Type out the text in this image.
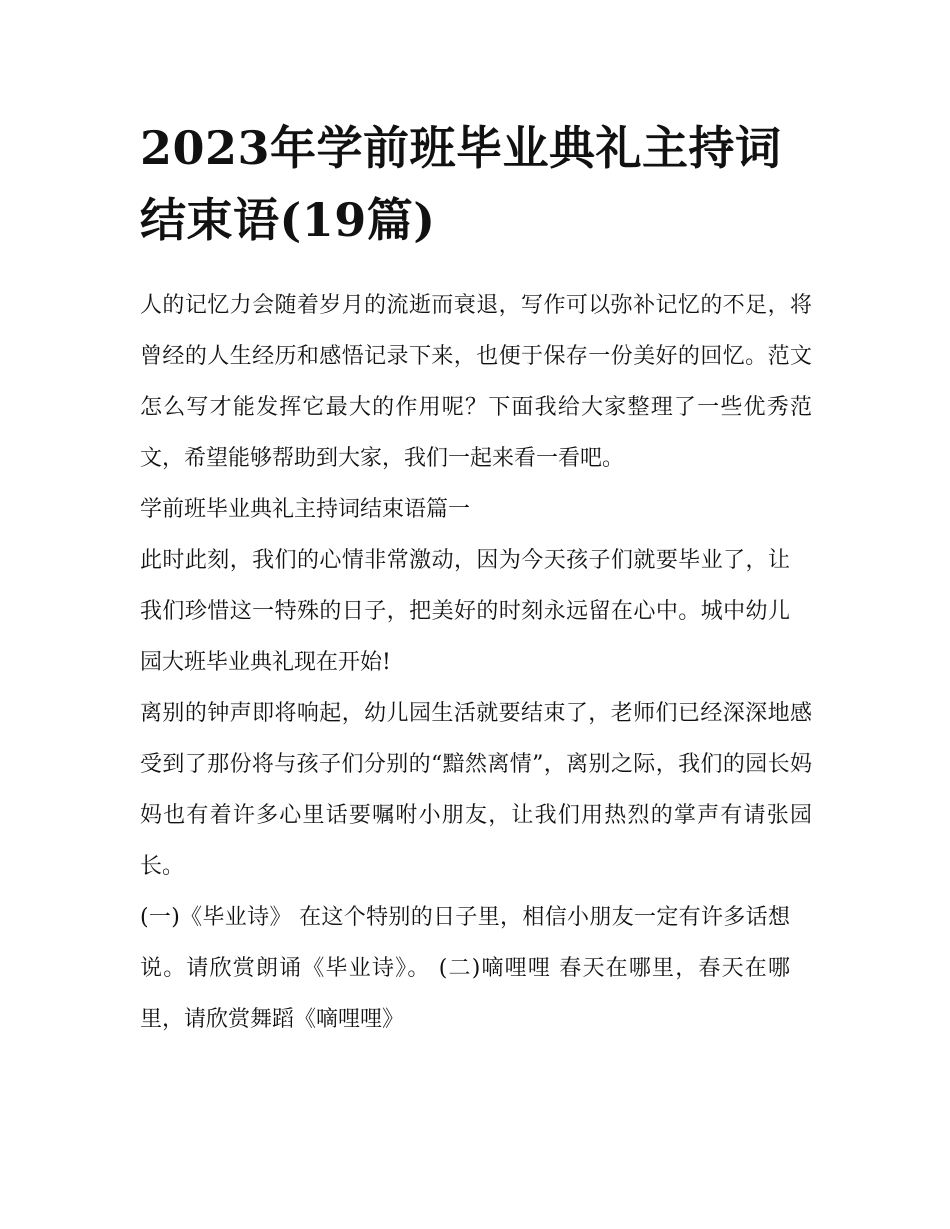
2023年学前班毕业典礼主持词结束语(19篇)

人的记忆力会随着岁月的流逝而衰退，写作可以弥补记忆的不足，将曾经的人生经历和感悟记录下来，也便于保存一份美好的回忆。范文怎么写才能发挥它最大的作用呢？下面我给大家整理了一些优秀范文，希望能够帮助到大家，我们一起来看一看吧。

学前班毕业典礼主持词结束语篇一

此时此刻，我们的心情非常激动，因为今天孩子们就要毕业了，让我们珍惜这一特殊的日子，把美好的时刻永远留在心中。城中幼儿园大班毕业典礼现在开始!

离别的钟声即将响起，幼儿园生活就要结束了，老师们已经深深地感受到了那份将与孩子们分别的“黯然离情”，离别之际，我们的园长妈妈也有着许多心里话要嘱咐小朋友，让我们用热烈的掌声有请张园长。

(一)《毕业诗》 在这个特别的日子里，相信小朋友一定有许多话想说。请欣赏朗诵《毕业诗》。 (二)嘀哩哩 春天在哪里，春天在哪里，请欣赏舞蹈《嘀哩哩》
